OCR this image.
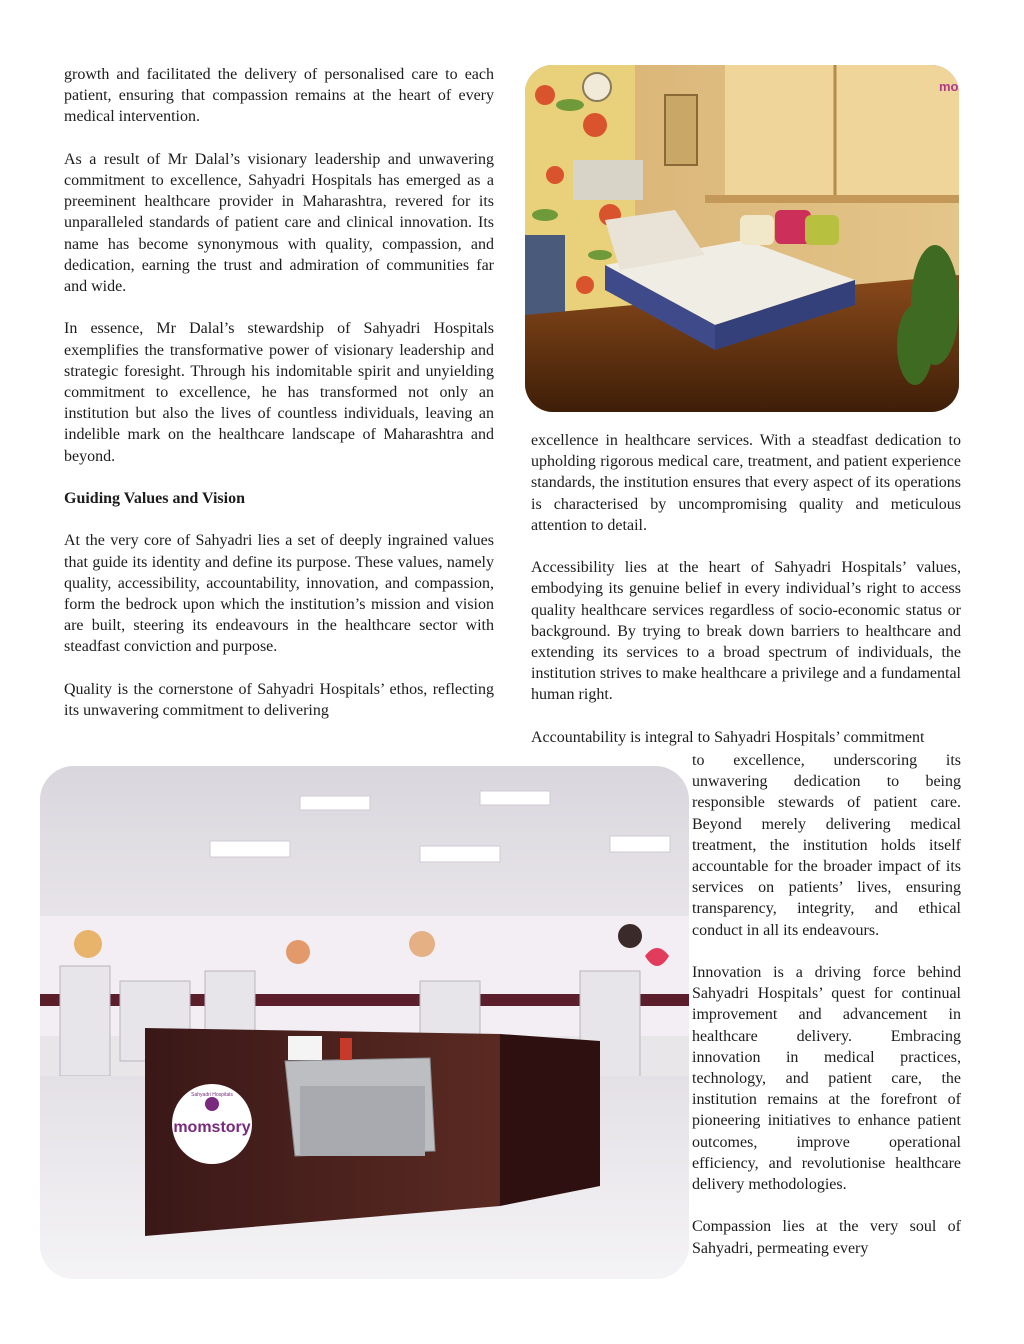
growth and facilitated the delivery of personalised care to each patient, ensuring that compassion remains at the heart of every medical intervention.

As a result of Mr Dalal’s visionary leadership and unwavering commitment to excellence, Sahyadri Hospitals has emerged as a preeminent healthcare provider in Maharashtra, revered for its unparalleled standards of patient care and clinical innovation. Its name has become synonymous with quality, compassion, and dedication, earning the trust and admiration of communities far and wide.

In essence, Mr Dalal’s stewardship of Sahyadri Hospitals exemplifies the transformative power of visionary leadership and strategic foresight. Through his indomitable spirit and unyielding commitment to excellence, he has transformed not only an institution but also the lives of countless individuals, leaving an indelible mark on the healthcare landscape of Maharashtra and beyond.

Guiding Values and Vision

At the very core of Sahyadri lies a set of deeply ingrained values that guide its identity and define its purpose. These values, namely quality, accessibility, accountability, innovation, and compassion, form the bedrock upon which the institution’s mission and vision are built, steering its endeavours in the healthcare sector with steadfast conviction and purpose.

Quality is the cornerstone of Sahyadri Hospitals’ ethos, reflecting its unwavering commitment to delivering

mo

excellence in healthcare services. With a steadfast dedication to upholding rigorous medical care, treatment, and patient experience standards, the institution ensures that every aspect of its operations is characterised by uncompromising quality and meticulous attention to detail.

Accessibility lies at the heart of Sahyadri Hospitals’ values, embodying its genuine belief in every individual’s right to access quality healthcare services regardless of socio-economic status or background. By trying to break down barriers to healthcare and extending its services to a broad spectrum of individuals, the institution strives to make healthcare a privilege and a fundamental human right.

Accountability is integral to Sahyadri Hospitals’ commitment

to excellence, underscoring its unwavering dedication to being responsible stewards of patient care. Beyond merely delivering medical treatment, the institution holds itself accountable for the broader impact of its services on patients’ lives, ensuring transparency, integrity, and ethical conduct in all its endeavours.

Innovation is a driving force behind Sahyadri Hospitals’ quest for continual improvement and advancement in healthcare delivery. Embracing innovation in medical practices, technology, and patient care, the institution remains at the forefront of pioneering initiatives to enhance patient outcomes, improve operational efficiency, and revolutionise healthcare delivery methodologies.

Compassion lies at the very soul of Sahyadri, permeating every

Sahyadri Hospitals
momstory
